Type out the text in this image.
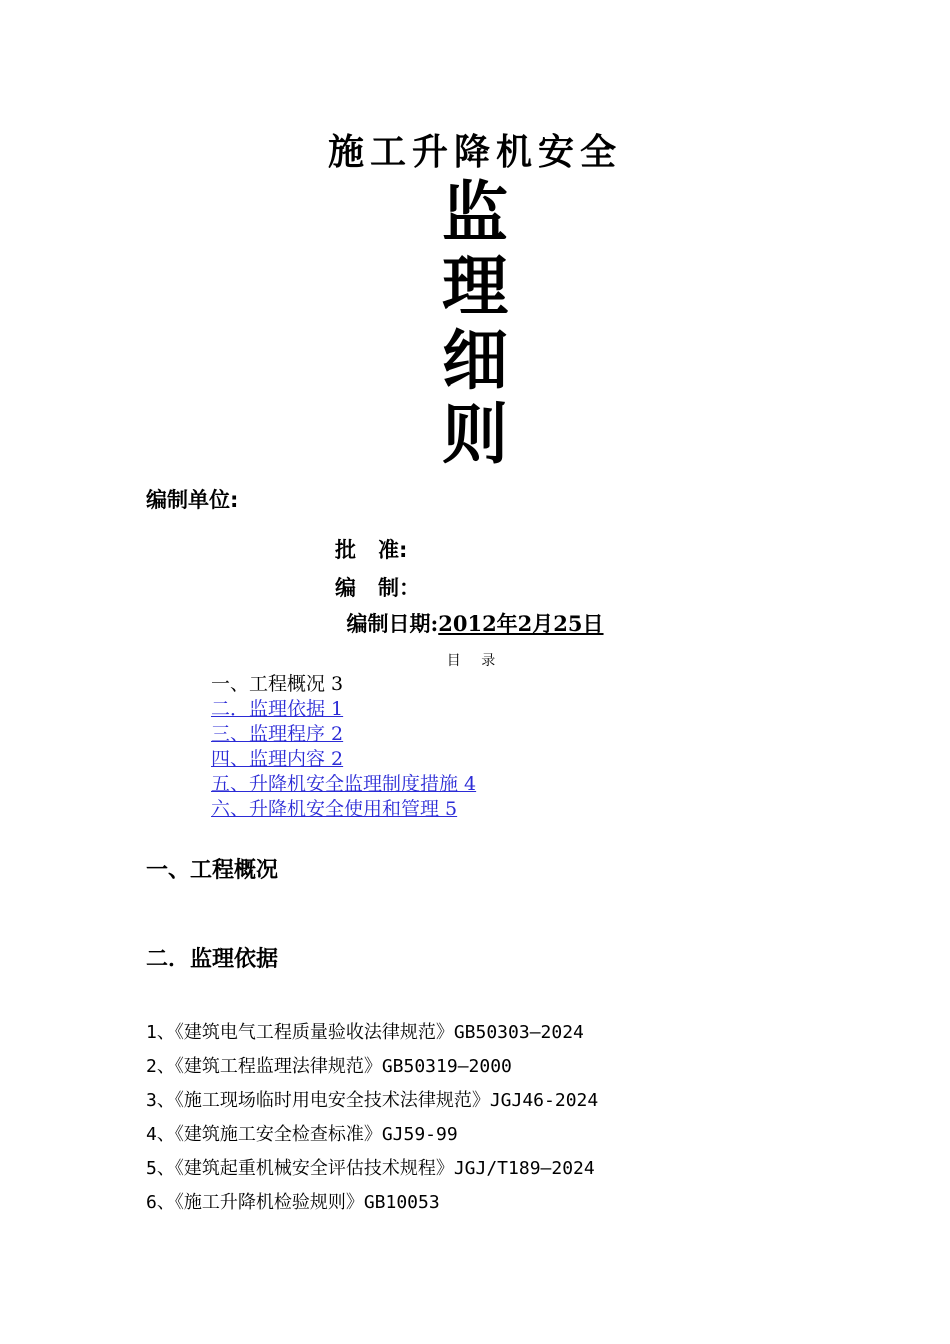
施工升降机安全
监
理
细
则
编制单位:
批 准:
编 制：
编制日期:2012年2月25日
目 录
一、工程概况 3
二．监理依据 1
三、监理程序 2
四、监理内容 2
五、升降机安全监理制度措施 4
六、升降机安全使用和管理 5
一、工程概况
二．监理依据
1、《建筑电气工程质量验收法律规范》GB50303—2024
2、《建筑工程监理法律规范》GB50319—2000
3、《施工现场临时用电安全技术法律规范》JGJ46-2024
4、《建筑施工安全检查标准》GJ59-99
5、《建筑起重机械安全评估技术规程》JGJ/T189—2024
6、《施工升降机检验规则》GB10053
